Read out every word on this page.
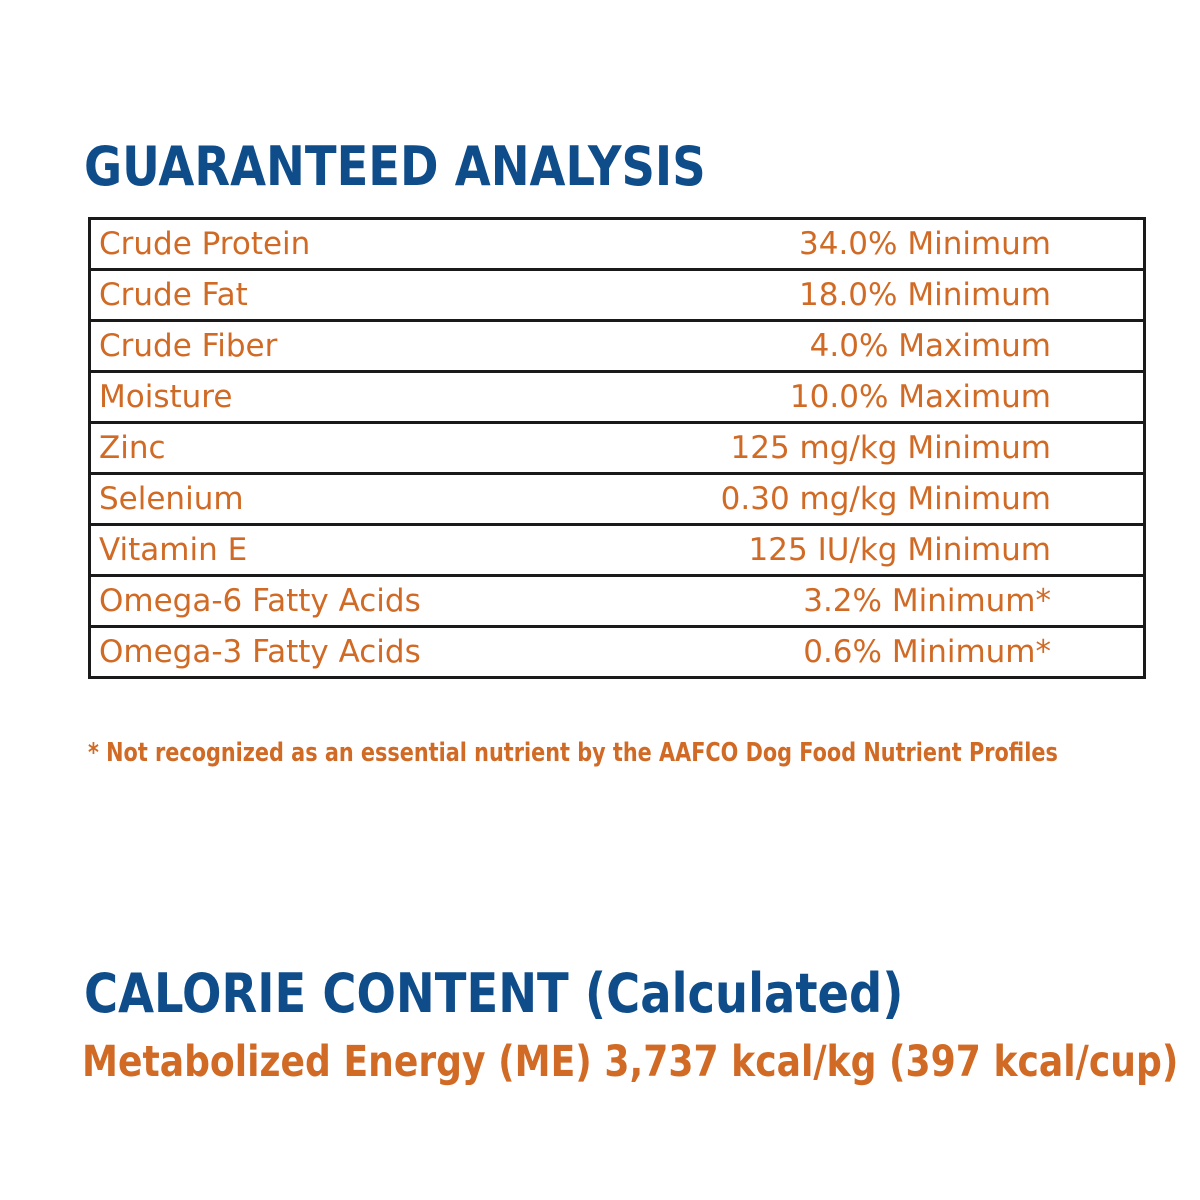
GUARANTEED ANALYSIS
Crude Protein	34.0% Minimum
Crude Fat	18.0% Minimum
Crude Fiber	4.0% Maximum
Moisture	10.0% Maximum
Zinc	125 mg/kg Minimum
Selenium	0.30 mg/kg Minimum
Vitamin E	125 IU/kg Minimum
Omega-6 Fatty Acids	3.2% Minimum*
Omega-3 Fatty Acids	0.6% Minimum*

* Not recognized as an essential nutrient by the AAFCO Dog Food Nutrient Profiles

CALORIE CONTENT (Calculated)

Metabolized Energy (ME) 3,737 kcal/kg (397 kcal/cup)
